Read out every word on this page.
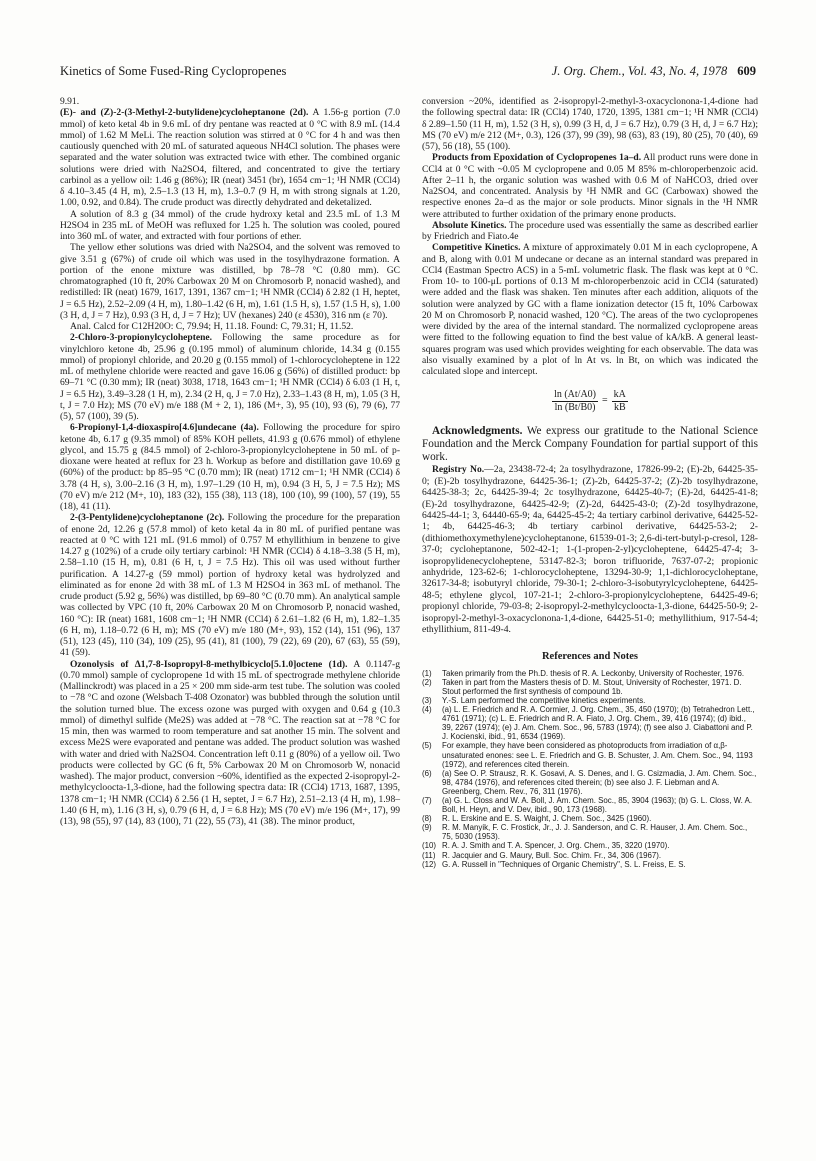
Kinetics of Some Fused-Ring Cyclopropenes	J. Org. Chem., Vol. 43, No. 4, 1978 609

9.91.

(E)- and (Z)-2-(3-Methyl-2-butylidene)cycloheptanone (2d). A 1.56-g portion (7.0 mmol) of keto ketal 4b in 9.6 mL of dry pentane was reacted at 0 °C with 8.9 mL (14.4 mmol) of 1.62 M MeLi. The reaction solution was stirred at 0 °C for 4 h and was then cautiously quenched with 20 mL of saturated aqueous NH4Cl solution. The phases were separated and the water solution was extracted twice with ether. The combined organic solutions were dried with Na2SO4, filtered, and concentrated to give the tertiary carbinol as a yellow oil: 1.46 g (86%); IR (neat) 3451 (br), 1654 cm−1; ¹H NMR (CCl4) δ 4.10–3.45 (4 H, m), 2.5–1.3 (13 H, m), 1.3–0.7 (9 H, m with strong signals at 1.20, 1.00, 0.92, and 0.84). The crude product was directly dehydrated and deketalized.

A solution of 8.3 g (34 mmol) of the crude hydroxy ketal and 23.5 mL of 1.3 M H2SO4 in 235 mL of MeOH was refluxed for 1.25 h. The solution was cooled, poured into 360 mL of water, and extracted with four portions of ether.

The yellow ether solutions was dried with Na2SO4, and the solvent was removed to give 3.51 g (67%) of crude oil which was used in the tosylhydrazone formation. A portion of the enone mixture was distilled, bp 78–78 °C (0.80 mm). GC chromatographed (10 ft, 20% Carbowax 20 M on Chromosorb P, nonacid washed), and redistilled: IR (neat) 1679, 1617, 1391, 1367 cm−1; ¹H NMR (CCl4) δ 2.82 (1 H, heptet, J = 6.5 Hz), 2.52–2.09 (4 H, m), 1.80–1.42 (6 H, m), 1.61 (1.5 H, s), 1.57 (1.5 H, s), 1.00 (3 H, d, J = 7 Hz), 0.93 (3 H, d, J = 7 Hz); UV (hexanes) 240 (ε 4530), 316 nm (ε 70).

Anal. Calcd for C12H20O: C, 79.94; H, 11.18. Found: C, 79.31; H, 11.52.

2-Chloro-3-propionylcycloheptene. Following the same procedure as for vinylchloro ketone 4b, 25.96 g (0.195 mmol) of aluminum chloride, 14.34 g (0.155 mmol) of propionyl chloride, and 20.20 g (0.155 mmol) of 1-chlorocycloheptene in 122 mL of methylene chloride were reacted and gave 16.06 g (56%) of distilled product: bp 69–71 °C (0.30 mm); IR (neat) 3038, 1718, 1643 cm−1; ¹H NMR (CCl4) δ 6.03 (1 H, t, J = 6.5 Hz), 3.49–3.28 (1 H, m), 2.34 (2 H, q, J = 7.0 Hz), 2.33–1.43 (8 H, m), 1.05 (3 H, t, J = 7.0 Hz); MS (70 eV) m/e 188 (M + 2, 1), 186 (M+, 3), 95 (10), 93 (6), 79 (6), 77 (5), 57 (100), 39 (5).

6-Propionyl-1,4-dioxaspiro[4.6]undecane (4a). Following the procedure for spiro ketone 4b, 6.17 g (9.35 mmol) of 85% KOH pellets, 41.93 g (0.676 mmol) of ethylene glycol, and 15.75 g (84.5 mmol) of 2-chloro-3-propionylcycloheptene in 50 mL of p-dioxane were heated at reflux for 23 h. Workup as before and distillation gave 10.69 g (60%) of the product: bp 85–95 °C (0.70 mm); IR (neat) 1712 cm−1; ¹H NMR (CCl4) δ 3.78 (4 H, s), 3.00–2.16 (3 H, m), 1.97–1.29 (10 H, m), 0.94 (3 H, 5, J = 7.5 Hz); MS (70 eV) m/e 212 (M+, 10), 183 (32), 155 (38), 113 (18), 100 (10), 99 (100), 57 (19), 55 (18), 41 (11).

2-(3-Pentylidene)cycloheptanone (2c). Following the procedure for the preparation of enone 2d, 12.26 g (57.8 mmol) of keto ketal 4a in 80 mL of purified pentane was reacted at 0 °C with 121 mL (91.6 mmol) of 0.757 M ethyllithium in benzene to give 14.27 g (102%) of a crude oily tertiary carbinol: ¹H NMR (CCl4) δ 4.18–3.38 (5 H, m), 2.58–1.10 (15 H, m), 0.81 (6 H, t, J = 7.5 Hz). This oil was used without further purification. A 14.27-g (59 mmol) portion of hydroxy ketal was hydrolyzed and eliminated as for enone 2d with 38 mL of 1.3 M H2SO4 in 363 mL of methanol. The crude product (5.92 g, 56%) was distilled, bp 69–80 °C (0.70 mm). An analytical sample was collected by VPC (10 ft, 20% Carbowax 20 M on Chromosorb P, nonacid washed, 160 °C): IR (neat) 1681, 1608 cm−1; ¹H NMR (CCl4) δ 2.61–1.82 (6 H, m), 1.82–1.35 (6 H, m), 1.18–0.72 (6 H, m); MS (70 eV) m/e 180 (M+, 93), 152 (14), 151 (96), 137 (51), 123 (45), 110 (34), 109 (25), 95 (41), 81 (100), 79 (22), 69 (20), 67 (63), 55 (59), 41 (59).

Ozonolysis of Δ1,7-8-Isopropyl-8-methylbicyclo[5.1.0]octene (1d). A 0.1147-g (0.70 mmol) sample of cyclopropene 1d with 15 mL of spectrograde methylene chloride (Mallinckrodt) was placed in a 25 × 200 mm side-arm test tube. The solution was cooled to −78 °C and ozone (Welsbach T-408 Ozonator) was bubbled through the solution until the solution turned blue. The excess ozone was purged with oxygen and 0.64 g (10.3 mmol) of dimethyl sulfide (Me2S) was added at −78 °C. The reaction sat at −78 °C for 15 min, then was warmed to room temperature and sat another 15 min. The solvent and excess Me2S were evaporated and pentane was added. The product solution was washed with water and dried with Na2SO4. Concentration left 0.11 g (80%) of a yellow oil. Two products were collected by GC (6 ft, 5% Carbowax 20 M on Chromosorb W, nonacid washed). The major product, conversion ~60%, identified as the expected 2-isopropyl-2-methylcyclooctа-1,3-dione, had the following spectra data: IR (CCl4) 1713, 1687, 1395, 1378 cm−1; ¹H NMR (CCl4) δ 2.56 (1 H, septet, J = 6.7 Hz), 2.51–2.13 (4 H, m), 1.98–1.40 (6 H, m), 1.16 (3 H, s), 0.79 (6 H, d, J = 6.8 Hz); MS (70 eV) m/e 196 (M+, 17), 99 (13), 98 (55), 97 (14), 83 (100), 71 (22), 55 (73), 41 (38). The minor product,

conversion ~20%, identified as 2-isopropyl-2-methyl-3-oxacyclononа-1,4-dione had the following spectral data: IR (CCl4) 1740, 1720, 1395, 1381 cm−1; ¹H NMR (CCl4) δ 2.89–1.50 (11 H, m), 1.52 (3 H, s), 0.99 (3 H, d, J = 6.7 Hz), 0.79 (3 H, d, J = 6.7 Hz); MS (70 eV) m/e 212 (M+, 0.3), 126 (37), 99 (39), 98 (63), 83 (19), 80 (25), 70 (40), 69 (57), 56 (18), 55 (100).

Products from Epoxidation of Cyclopropenes 1a–d. All product runs were done in CCl4 at 0 °C with ~0.05 M cyclopropene and 0.05 M 85% m-chloroperbenzoic acid. After 2–11 h, the organic solution was washed with 0.6 M of NaHCO3, dried over Na2SO4, and concentrated. Analysis by ¹H NMR and GC (Carbowax) showed the respective enones 2a–d as the major or sole products. Minor signals in the ¹H NMR were attributed to further oxidation of the primary enone products.

Absolute Kinetics. The procedure used was essentially the same as described earlier by Friedrich and Fiato.4e

Competitive Kinetics. A mixture of approximately 0.01 M in each cyclopropene, A and B, along with 0.01 M undecane or decane as an internal standard was prepared in CCl4 (Eastman Spectro ACS) in a 5-mL volumetric flask. The flask was kept at 0 °C. From 10- to 100-μL portions of 0.13 M m-chloroperbenzoic acid in CCl4 (saturated) were added and the flask was shaken. Ten minutes after each addition, aliquots of the solution were analyzed by GC with a flame ionization detector (15 ft, 10% Carbowax 20 M on Chromosorb P, nonacid washed, 120 °C). The areas of the two cyclopropenes were divided by the area of the internal standard. The normalized cyclopropene areas were fitted to the following equation to find the best value of kA/kB. A general least-squares program was used which provides weighting for each observable. The data was also visually examined by a plot of ln At vs. ln Bt, on which was indicated the calculated slope and intercept.

$\frac{\ln (At/A0)}{\ln (Bt/B0)} = \frac{kA}{kB}$

Acknowledgments. We express our gratitude to the National Science Foundation and the Merck Company Foundation for partial support of this work.

Registry No.—2a, 23438-72-4; 2a tosylhydrazone, 17826-99-2; (E)-2b, 64425-35-0; (E)-2b tosylhydrazone, 64425-36-1; (Z)-2b, 64425-37-2; (Z)-2b tosylhydrazone, 64425-38-3; 2c, 64425-39-4; 2c tosylhydrazone, 64425-40-7; (E)-2d, 64425-41-8; (E)-2d tosylhydrazone, 64425-42-9; (Z)-2d, 64425-43-0; (Z)-2d tosylhydrazone, 64425-44-1; 3, 64440-65-9; 4a, 64425-45-2; 4a tertiary carbinol derivative, 64425-52-1; 4b, 64425-46-3; 4b tertiary carbinol derivative, 64425-53-2; 2-(dithiomethoxymethylene)cycloheptanone, 61539-01-3; 2,6-di-tert-butyl-p-cresol, 128-37-0; cycloheptanone, 502-42-1; 1-(1-propen-2-yl)cycloheptene, 64425-47-4; 3-isopropylidenecycloheptene, 53147-82-3; boron trifluoride, 7637-07-2; propionic anhydride, 123-62-6; 1-chlorocycloheptene, 13294-30-9; 1,1-dichlorocycloheptane, 32617-34-8; isobutyryl chloride, 79-30-1; 2-chloro-3-isobutyrylcycloheptene, 64425-48-5; ethylene glycol, 107-21-1; 2-chloro-3-propionylcycloheptene, 64425-49-6; propionyl chloride, 79-03-8; 2-isopropyl-2-methylcyclooctа-1,3-dione, 64425-50-9; 2-isopropyl-2-methyl-3-oxacyclononа-1,4-dione, 64425-51-0; methyllithium, 917-54-4; ethyllithium, 811-49-4.

References and Notes
(1)	Taken primarily from the Ph.D. thesis of R. A. Leckonby, University of Rochester, 1976.
(2)	Taken in part from the Masters thesis of D. M. Stout, University of Rochester, 1971. D. Stout performed the first synthesis of compound 1b.
(3)	Y.-S. Lam performed the competitive kinetics experiments.
(4)	(a) L. E. Friedrich and R. A. Cormier, J. Org. Chem., 35, 450 (1970); (b) Tetrahedron Lett., 4761 (1971); (c) L. E. Friedrich and R. A. Fiato, J. Org. Chem., 39, 416 (1974); (d) ibid., 39, 2267 (1974); (e) J. Am. Chem. Soc., 96, 5783 (1974); (f) see also J. Ciabattoni and P. J. Kocienski, ibid., 91, 6534 (1969).
(5)	For example, they have been considered as photoproducts from irradiation of α,β-unsaturated enones: see L. E. Friedrich and G. B. Schuster, J. Am. Chem. Soc., 94, 1193 (1972), and references cited therein.
(6)	(a) See O. P. Strausz, R. K. Gosavi, A. S. Denes, and I. G. Csizmadia, J. Am. Chem. Soc., 98, 4784 (1976), and references cited therein; (b) see also J. F. Liebman and A. Greenberg, Chem. Rev., 76, 311 (1976).
(7)	(a) G. L. Closs and W. A. Boll, J. Am. Chem. Soc., 85, 3904 (1963); (b) G. L. Closs, W. A. Boll, H. Heyn, and V. Dev, ibid., 90, 173 (1968).
(8)	R. L. Erskine and E. S. Waight, J. Chem. Soc., 3425 (1960).
(9)	R. M. Manyik, F. C. Frostick, Jr., J. J. Sanderson, and C. R. Hauser, J. Am. Chem. Soc., 75, 5030 (1953).
(10) R. A. J. Smith and T. A. Spencer, J. Org. Chem., 35, 3220 (1970).
(11) R. Jacquier and G. Maury, Bull. Soc. Chim. Fr., 34, 306 (1967).
(12) G. A. Russell in "Techniques of Organic Chemistry", S. L. Freiss, E. S.
